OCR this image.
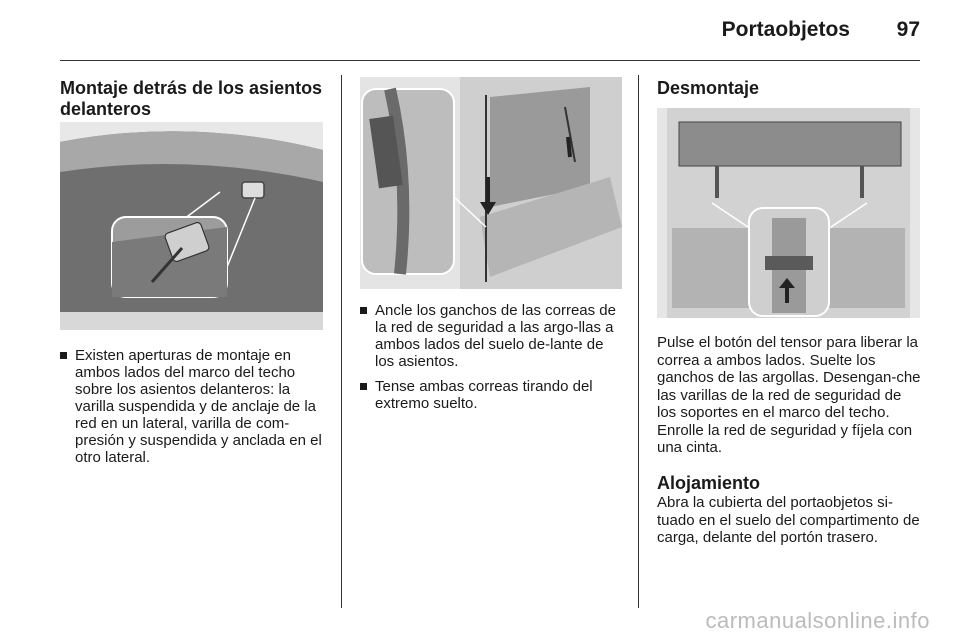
Portaobjetos	97
Montaje detrás de los asientos
delanteros
Existen aperturas de montaje en ambos lados del marco del techo sobre los asientos delanteros: la varilla suspendida y de anclaje de la red en un lateral, varilla de com-presión y suspendida y anclada en el otro lateral.
Ancle los ganchos de las correas de la red de seguridad a las argo-llas a ambos lados del suelo de-lante de los asientos.
Tense ambas correas tirando del extremo suelto.
Desmontaje

Pulse el botón del tensor para liberar la correa a ambos lados. Suelte los ganchos de las argollas. Desengan-che las varillas de la red de seguridad de los soportes en el marco del techo. Enrolle la red de seguridad y fíjela con una cinta.

Alojamiento

Abra la cubierta del portaobjetos si-tuado en el suelo del compartimento de carga, delante del portón trasero.

carmanualsonline.info
